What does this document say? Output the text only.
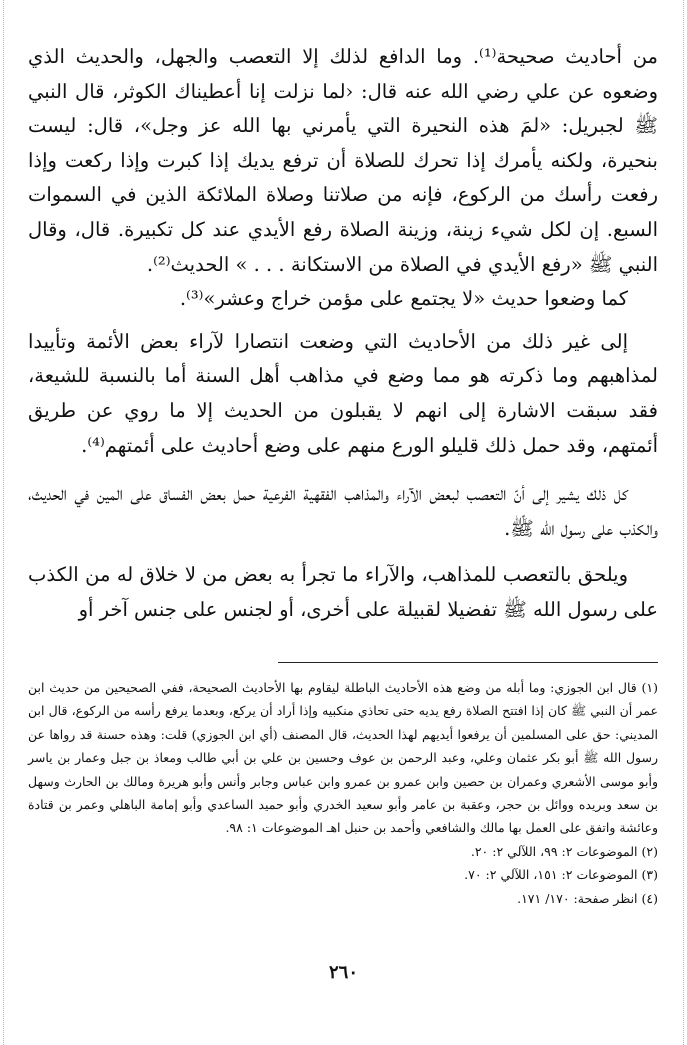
من أحاديث صحيحة⁽¹⁾. وما الدافع لذلك إلا التعصب والجهل، والحديث الذي وضعوه عن علي رضي الله عنه قال: ‹لما نزلت إنا أعطيناك الكوثر، قال النبي ﷺ لجبريل: «لمَ هذه النحيرة التي يأمرني بها الله عز وجل»، قال: ليست بنحيرة، ولكنه يأمرك إذا تحرك للصلاة أن ترفع يديك إذا كبرت وإذا ركعت وإذا رفعت رأسك من الركوع، فإنه من صلاتنا وصلاة الملائكة الذين في السموات السبع. إن لكل شيء زينة، وزينة الصلاة رفع الأيدي عند كل تكبيرة. قال، وقال النبي ﷺ «رفع الأيدي في الصلاة من الاستكانة . . . » الحديث⁽²⁾.

كما وضعوا حديث «لا يجتمع على مؤمن خراج وعشر»⁽³⁾.

إلى غير ذلك من الأحاديث التي وضعت انتصارا لآراء بعض الأئمة وتأييدا لمذاهبهم وما ذكرته هو مما وضع في مذاهب أهل السنة أما بالنسبة للشيعة، فقد سبقت الاشارة إلى انهم لا يقبلون من الحديث إلا ما روي عن طريق أئمتهم، وقد حمل ذلك قليلو الورع منهم على وضع أحاديث على أئمتهم⁽⁴⁾.

كل ذلك يشير إلى أنّ التعصب لبعض الآراء والمذاهب الفقهية الفرعية حمل بعض الفساق على المين في الحديث، والكذب على رسول الله ﷺ.

ويلحق بالتعصب للمذاهب، والآراء ما تجرأ به بعض من لا خلاق له من الكذب على رسول الله ﷺ تفضيلا لقبيلة على أخرى، أو لجنس على جنس آخر أو

(١) قال ابن الجوزي: وما أبله من وضع هذه الأحاديث الباطلة ليقاوم بها الأحاديث الصحيحة، ففي الصحيحين من حديث ابن عمر أن النبي ﷺ كان إذا افتتح الصلاة رفع يديه حتى تحاذي منكبيه وإذا أراد أن يركع، وبعدما يرفع رأسه من الركوع، قال ابن المديني: حق على المسلمين أن يرفعوا أيديهم لهذا الحديث، قال المصنف (أي ابن الجوزي) قلت: وهذه حسنة قد رواها عن رسول الله ﷺ أبو بكر عثمان وعلي، وعبد الرحمن بن عوف وحسين بن علي بن أبي طالب ومعاذ بن جبل وعمار بن ياسر وأبو موسى الأشعري وعمران بن حصين وابن عمرو بن عمرو وابن عباس وجابر وأنس وأبو هريرة ومالك بن الحارث وسهل بن سعد وبريده ووائل بن حجر، وعقبة بن عامر وأبو سعيد الخدري وأبو حميد الساعدي وأبو إمامة الباهلي وعمر بن قتادة وعائشة واتفق على العمل بها مالك والشافعي وأحمد بن حنبل اهـ الموضوعات ١: ٩٨.

(٢) الموضوعات ٢: ٩٩، اللآلي ٢: ٢٠.

(٣) الموضوعات ٢: ١٥١، اللآلي ٢: ٧٠.

(٤) انظر صفحة: ١٧٠/ ١٧١.

٢٦٠
